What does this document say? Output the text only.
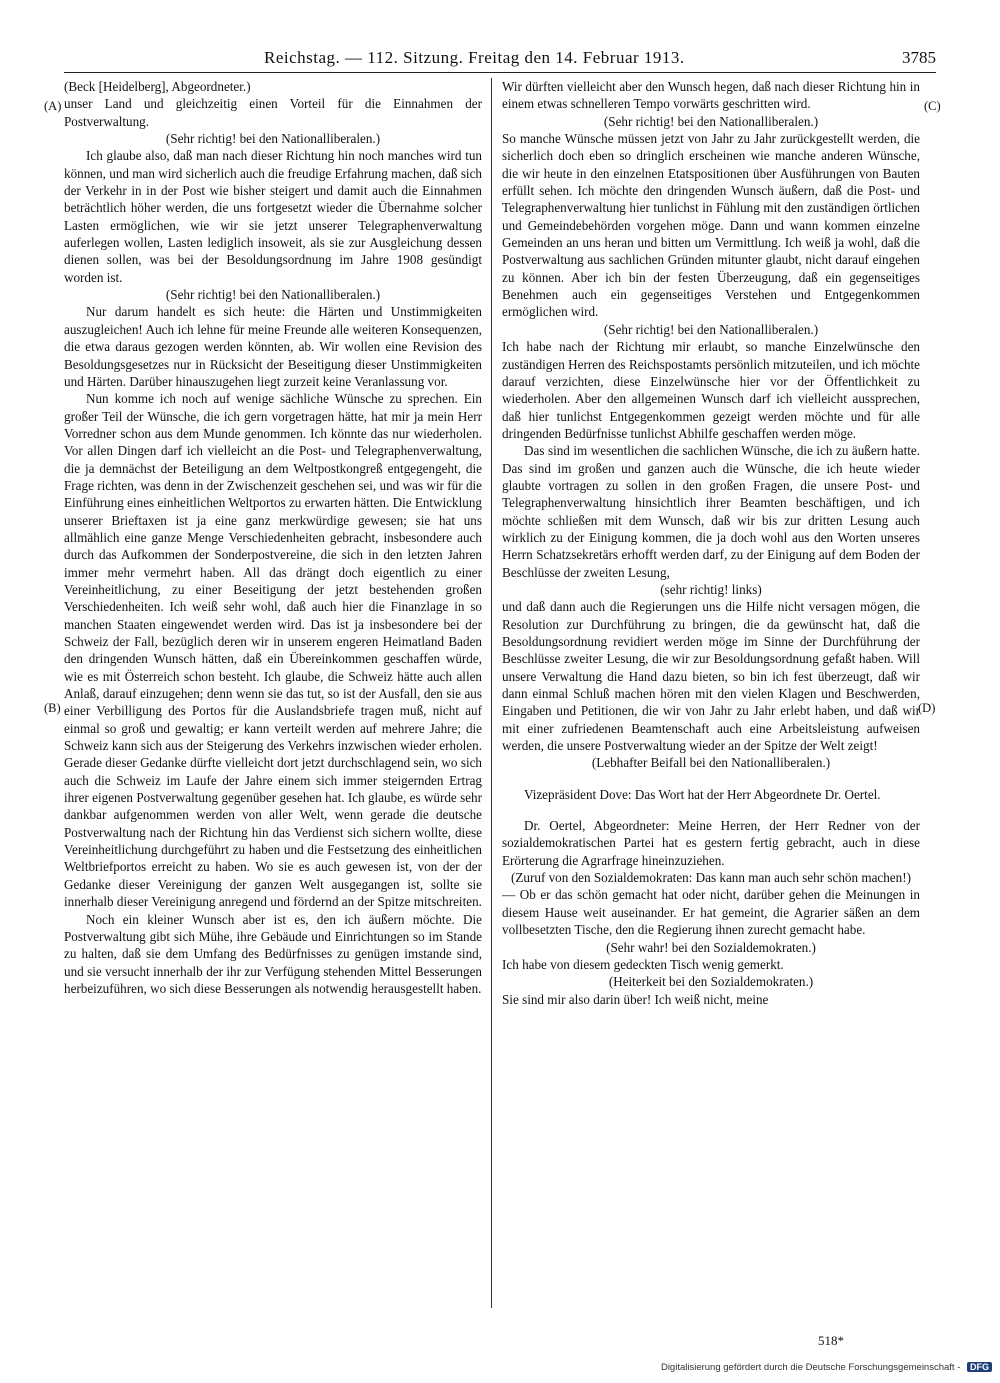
Reichstag. — 112. Sitzung. Freitag den 14. Februar 1913.	3785
(A)
(B)
(C)
(D)

(Beck [Heidelberg], Abgeordneter.)

unser Land und gleichzeitig einen Vorteil für die Einnahmen der Postverwaltung.

(Sehr richtig! bei den Nationalliberalen.)

Ich glaube also, daß man nach dieser Richtung hin noch manches wird tun können, und man wird sicherlich auch die freudige Erfahrung machen, daß sich der Verkehr in in der Post wie bisher steigert und damit auch die Einnahmen beträchtlich höher werden, die uns fortgesetzt wieder die Übernahme solcher Lasten ermöglichen, wie wir sie jetzt unserer Telegraphenverwaltung auferlegen wollen, Lasten lediglich insoweit, als sie zur Ausgleichung dessen dienen sollen, was bei der Besoldungsordnung im Jahre 1908 gesündigt worden ist.

(Sehr richtig! bei den Nationalliberalen.)

Nur darum handelt es sich heute: die Härten und Unstimmigkeiten auszugleichen! Auch ich lehne für meine Freunde alle weiteren Konsequenzen, die etwa daraus gezogen werden könnten, ab. Wir wollen eine Revision des Besoldungsgesetzes nur in Rücksicht der Beseitigung dieser Unstimmigkeiten und Härten. Darüber hinauszugehen liegt zurzeit keine Veranlassung vor.

Nun komme ich noch auf wenige sächliche Wünsche zu sprechen. Ein großer Teil der Wünsche, die ich gern vorgetragen hätte, hat mir ja mein Herr Vorredner schon aus dem Munde genommen. Ich könnte das nur wiederholen. Vor allen Dingen darf ich vielleicht an die Post- und Telegraphenverwaltung, die ja demnächst der Beteiligung an dem Weltpostkongreß entgegengeht, die Frage richten, was denn in der Zwischenzeit geschehen sei, und was wir für die Einführung eines einheitlichen Weltportos zu erwarten hätten. Die Entwicklung unserer Brieftaxen ist ja eine ganz merkwürdige gewesen; sie hat uns allmählich eine ganze Menge Verschiedenheiten gebracht, insbesondere auch durch das Aufkommen der Sonderpostvereine, die sich in den letzten Jahren immer mehr vermehrt haben. All das drängt doch eigentlich zu einer Vereinheitlichung, zu einer Beseitigung der jetzt bestehenden großen Verschiedenheiten. Ich weiß sehr wohl, daß auch hier die Finanzlage in so manchen Staaten eingewendet werden wird. Das ist ja insbesondere bei der Schweiz der Fall, bezüglich deren wir in unserem engeren Heimatland Baden den dringenden Wunsch hätten, daß ein Übereinkommen geschaffen würde, wie es mit Österreich schon besteht. Ich glaube, die Schweiz hätte auch allen Anlaß, darauf einzugehen; denn wenn sie das tut, so ist der Ausfall, den sie aus einer Verbilligung des Portos für die Auslandsbriefe tragen muß, nicht auf einmal so groß und gewaltig; er kann verteilt werden auf mehrere Jahre; die Schweiz kann sich aus der Steigerung des Verkehrs inzwischen wieder erholen. Gerade dieser Gedanke dürfte vielleicht dort jetzt durchschlagend sein, wo sich auch die Schweiz im Laufe der Jahre einem sich immer steigernden Ertrag ihrer eigenen Postverwaltung gegenüber gesehen hat. Ich glaube, es würde sehr dankbar aufgenommen werden von aller Welt, wenn gerade die deutsche Postverwaltung nach der Richtung hin das Verdienst sich sichern wollte, diese Vereinheitlichung durchgeführt zu haben und die Festsetzung des einheitlichen Weltbriefportos erreicht zu haben. Wo sie es auch gewesen ist, von der der Gedanke dieser Vereinigung der ganzen Welt ausgegangen ist, sollte sie innerhalb dieser Vereinigung anregend und fördernd an der Spitze mitschreiten.

Noch ein kleiner Wunsch aber ist es, den ich äußern möchte. Die Postverwaltung gibt sich Mühe, ihre Gebäude und Einrichtungen so im Stande zu halten, daß sie dem Umfang des Bedürfnisses zu genügen imstande sind, und sie versucht innerhalb der ihr zur Verfügung stehenden Mittel Besserungen herbeizuführen, wo sich diese Besserungen als notwendig herausgestellt haben.

Wir dürften vielleicht aber den Wunsch hegen, daß nach dieser Richtung hin in einem etwas schnelleren Tempo vorwärts geschritten wird.

(Sehr richtig! bei den Nationalliberalen.)

So manche Wünsche müssen jetzt von Jahr zu Jahr zurückgestellt werden, die sicherlich doch eben so dringlich erscheinen wie manche anderen Wünsche, die wir heute in den einzelnen Etatspositionen über Ausführungen von Bauten erfüllt sehen. Ich möchte den dringenden Wunsch äußern, daß die Post- und Telegraphenverwaltung hier tunlichst in Fühlung mit den zuständigen örtlichen und Gemeindebehörden vorgehen möge. Dann und wann kommen einzelne Gemeinden an uns heran und bitten um Vermittlung. Ich weiß ja wohl, daß die Postverwaltung aus sachlichen Gründen mitunter glaubt, nicht darauf eingehen zu können. Aber ich bin der festen Überzeugung, daß ein gegenseitiges Benehmen auch ein gegenseitiges Verstehen und Entgegenkommen ermöglichen wird.

(Sehr richtig! bei den Nationalliberalen.)

Ich habe nach der Richtung mir erlaubt, so manche Einzelwünsche den zuständigen Herren des Reichspostamts persönlich mitzuteilen, und ich möchte darauf verzichten, diese Einzelwünsche hier vor der Öffentlichkeit zu wiederholen. Aber den allgemeinen Wunsch darf ich vielleicht aussprechen, daß hier tunlichst Entgegenkommen gezeigt werden möchte und für alle dringenden Bedürfnisse tunlichst Abhilfe geschaffen werden möge.

Das sind im wesentlichen die sachlichen Wünsche, die ich zu äußern hatte. Das sind im großen und ganzen auch die Wünsche, die ich heute wieder glaubte vortragen zu sollen in den großen Fragen, die unsere Post- und Telegraphenverwaltung hinsichtlich ihrer Beamten beschäftigen, und ich möchte schließen mit dem Wunsch, daß wir bis zur dritten Lesung auch wirklich zu der Einigung kommen, die ja doch wohl aus den Worten unseres Herrn Schatzsekretärs erhofft werden darf, zu der Einigung auf dem Boden der Beschlüsse der zweiten Lesung,

(sehr richtig! links)

und daß dann auch die Regierungen uns die Hilfe nicht versagen mögen, die Resolution zur Durchführung zu bringen, die da gewünscht hat, daß die Besoldungsordnung revidiert werden möge im Sinne der Durchführung der Beschlüsse zweiter Lesung, die wir zur Besoldungsordnung gefaßt haben. Will unsere Verwaltung die Hand dazu bieten, so bin ich fest überzeugt, daß wir dann einmal Schluß machen hören mit den vielen Klagen und Beschwerden, Eingaben und Petitionen, die wir von Jahr zu Jahr erlebt haben, und daß wir mit einer zufriedenen Beamtenschaft auch eine Arbeitsleistung aufweisen werden, die unsere Postverwaltung wieder an der Spitze der Welt zeigt!

(Lebhafter Beifall bei den Nationalliberalen.)

Vizepräsident Dove: Das Wort hat der Herr Abgeordnete Dr. Oertel.

Dr. Oertel, Abgeordneter: Meine Herren, der Herr Redner von der sozialdemokratischen Partei hat es gestern fertig gebracht, auch in diese Erörterung die Agrarfrage hineinzuziehen.

(Zuruf von den Sozialdemokraten: Das kann man auch sehr schön machen!)

— Ob er das schön gemacht hat oder nicht, darüber gehen die Meinungen in diesem Hause weit auseinander. Er hat gemeint, die Agrarier säßen an dem vollbesetzten Tische, den die Regierung ihnen zurecht gemacht habe.

(Sehr wahr! bei den Sozialdemokraten.)

Ich habe von diesem gedeckten Tisch wenig gemerkt.

(Heiterkeit bei den Sozialdemokraten.)

Sie sind mir also darin über! Ich weiß nicht, meine

518*
Digitalisierung gefördert durch die Deutsche Forschungsgemeinschaft - DFG
